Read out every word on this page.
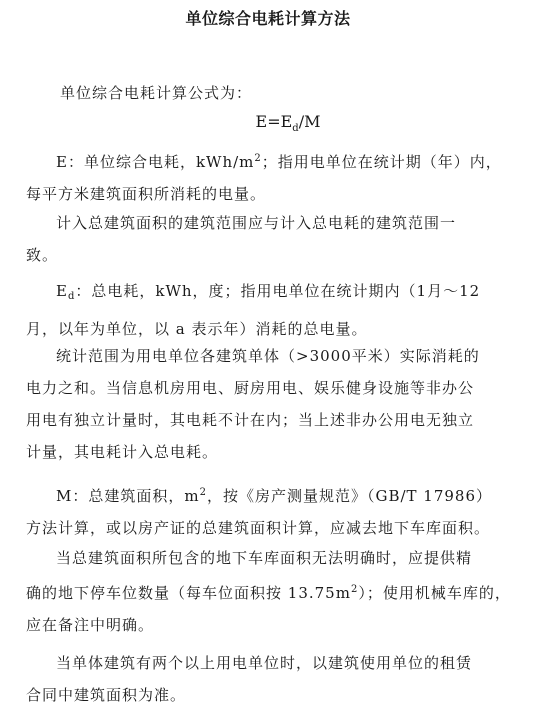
单位综合电耗计算方法
单位综合电耗计算公式为：
$E=E_d/M$
E：单位综合电耗，kWh/$m^2$；指用电单位在统计期（年）内，
每平方米建筑面积所消耗的电量。
计入总建筑面积的建筑范围应与计入总电耗的建筑范围一
致。
$E_d$：总电耗，kWh，度；指用电单位在统计期内（1月～12
月，以年为单位，以 a 表示年）消耗的总电量。
统计范围为用电单位各建筑单体（>3000平米）实际消耗的
电力之和。当信息机房用电、厨房用电、娱乐健身设施等非办公
用电有独立计量时，其电耗不计在内；当上述非办公用电无独立
计量，其电耗计入总电耗。
M：总建筑面积，$m^2$，按《房产测量规范》（GB/T 17986）
方法计算，或以房产证的总建筑面积计算，应减去地下车库面积。
当总建筑面积所包含的地下车库面积无法明确时，应提供精
确的地下停车位数量（每车位面积按 $13.75m^2$）；使用机械车库的，
应在备注中明确。
当单体建筑有两个以上用电单位时，以建筑使用单位的租赁
合同中建筑面积为准。
